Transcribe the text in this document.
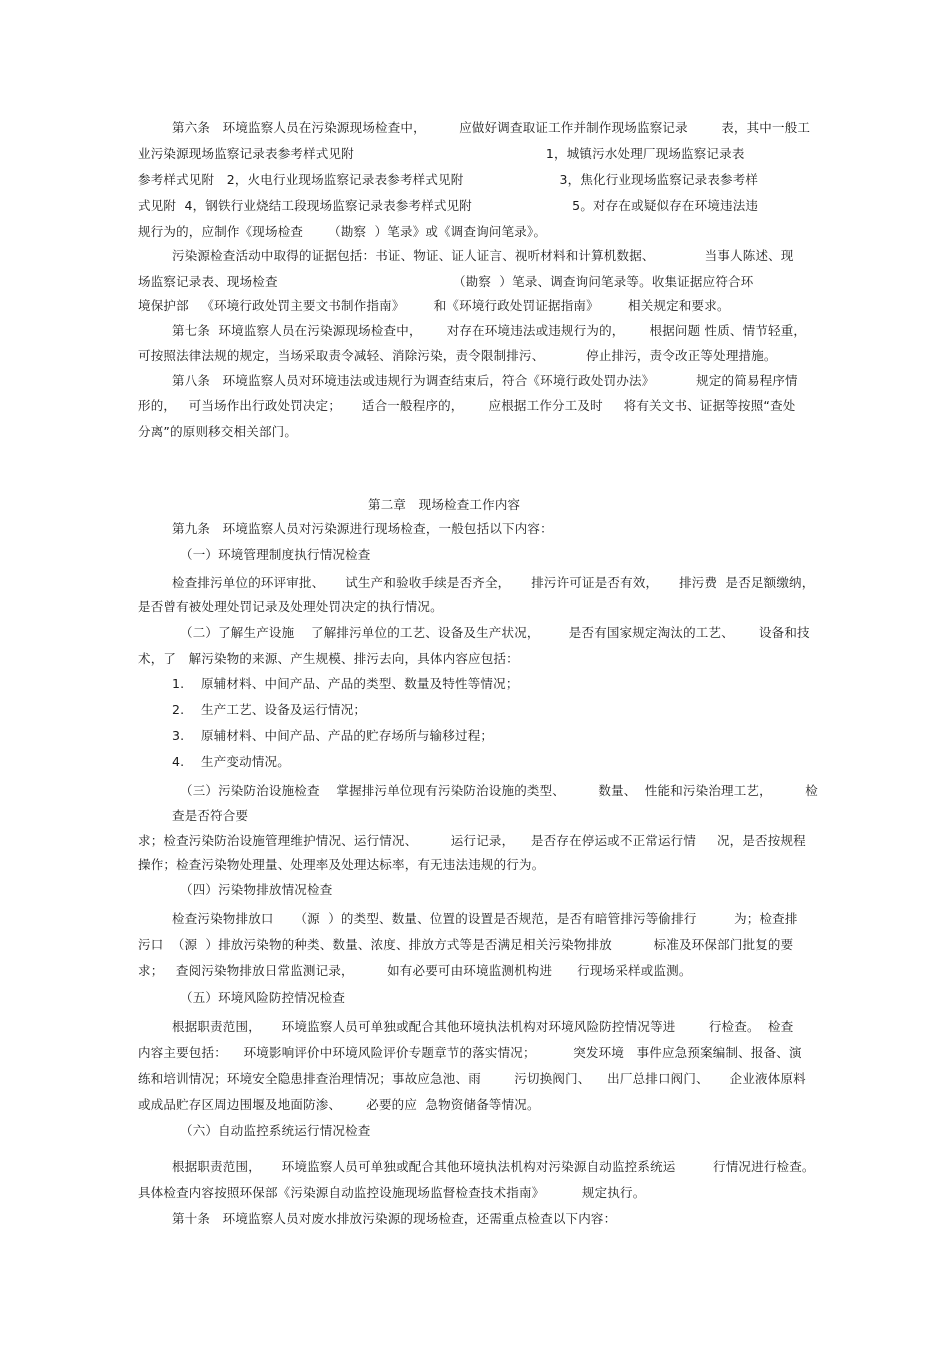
第六条   环境监察人员在污染源现场检查中，        应做好调查取证工作并制作现场监察记录        表，其中一般工
业污染源现场监察记录表参考样式见附                                              1，城镇污水处理厂现场监察记录表
参考样式见附   2，火电行业现场监察记录表参考样式见附                       3，焦化行业现场监察记录表参考样
式见附  4，钢铁行业烧结工段现场监察记录表参考样式见附                        5。对存在或疑似存在环境违法违
规行为的，应制作《现场检查      （勘察  ）笔录》或《调查询问笔录》。
污染源检查活动中取得的证据包括：书证、物证、证人证言、视听材料和计算机数据、            当事人陈述、现
场监察记录表、现场检查                                          （勘察  ）笔录、调查询问笔录等。收集证据应符合环
境保护部   《环境行政处罚主要文书制作指南》       和《环境行政处罚证据指南》       相关规定和要求。
第七条  环境监察人员在污染源现场检查中，      对存在环境违法或违规行为的，      根据问题 性质、情节轻重，
可按照法律法规的规定，当场采取责令减轻、消除污染，责令限制排污、          停止排污，责令改正等处理措施。
第八条   环境监察人员对环境违法或违规行为调查结束后，符合《环境行政处罚办法》          规定的简易程序情
形的，   可当场作出行政处罚决定；     适合一般程序的，      应根据工作分工及时     将有关文书、证据等按照“查处
分离”的原则移交相关部门。
第二章   现场检查工作内容
第九条   环境监察人员对污染源进行现场检查，一般包括以下内容：
（一）环境管理制度执行情况检查
检查排污单位的环评审批、     试生产和验收手续是否齐全，     排污许可证是否有效，     排污费  是否足额缴纳，
是否曾有被处理处罚记录及处理处罚决定的执行情况。
（二）了解生产设施    了解排污单位的工艺、设备及生产状况，       是否有国家规定淘汰的工艺、      设备和技
术，了   解污染物的来源、产生规模、排污去向，具体内容应包括：
1.    原辅材料、中间产品、产品的类型、数量及特性等情况；
2.    生产工艺、设备及运行情况；
3.    原辅材料、中间产品、产品的贮存场所与输移过程；
4.    生产变动情况。
（三）污染防治设施检查    掌握排污单位现有污染防治设施的类型、        数量、  性能和污染治理工艺，        检
查是否符合要
求；检查污染防治设施管理维护情况、运行情况、        运行记录，    是否存在停运或不正常运行情     况，是否按规程
操作；检查污染物处理量、处理率及处理达标率，有无违法违规的行为。
（四）污染物排放情况检查
检查污染物排放口     （源  ）的类型、数量、位置的设置是否规范，是否有暗管排污等偷排行         为；检查排
污口  （源  ）排放污染物的种类、数量、浓度、排放方式等是否满足相关污染物排放          标准及环保部门批复的要
求；   查阅污染物排放日常监测记录，        如有必要可由环境监测机构进      行现场采样或监测。
（五）环境风险防控情况检查
根据职责范围，     环境监察人员可单独或配合其他环境执法机构对环境风险防控情况等进        行检查。  检查
内容主要包括：    环境影响评价中环境风险评价专题章节的落实情况；         突发环境   事件应急预案编制、报备、演
练和培训情况；环境安全隐患排查治理情况；事故应急池、雨        污切换阀门、    出厂总排口阀门、     企业液体原料
或成品贮存区周边围堰及地面防渗、      必要的应  急物资储备等情况。
（六）自动监控系统运行情况检查
根据职责范围，     环境监察人员可单独或配合其他环境执法机构对污染源自动监控系统运         行情况进行检查。
具体检查内容按照环保部《污染源自动监控设施现场监督检查技术指南》         规定执行。
第十条   环境监察人员对废水排放污染源的现场检查，还需重点检查以下内容：
